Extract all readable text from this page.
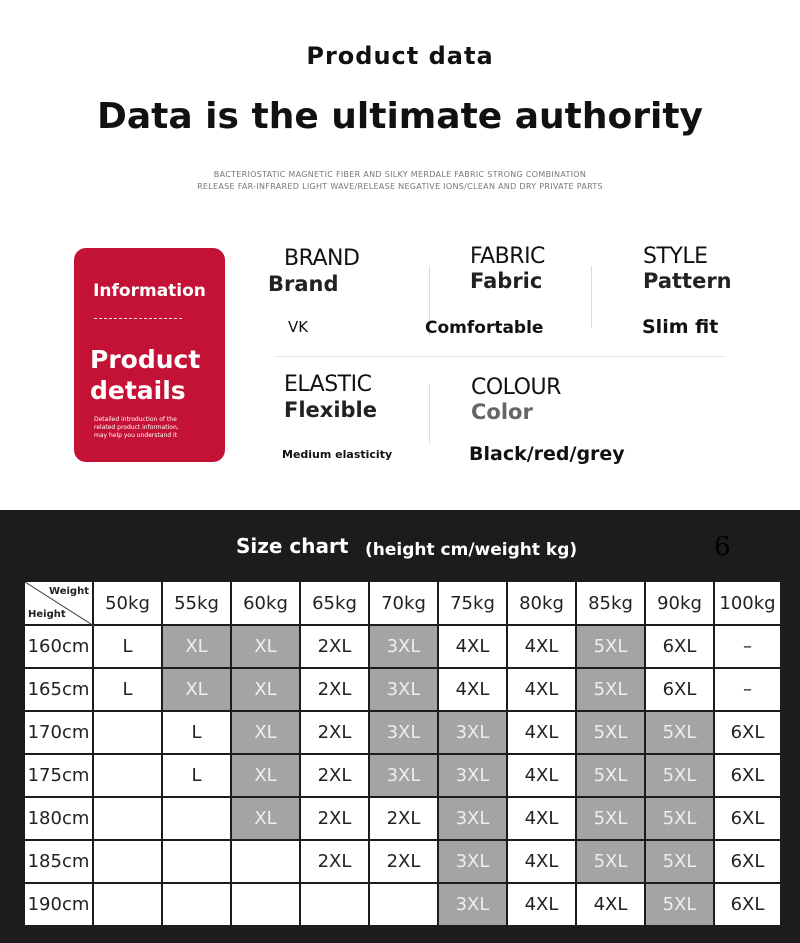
Product data
Data is the ultimate authority
BACTERIOSTATIC MAGNETIC FIBER AND SILKY MERDALE FABRIC STRONG COMBINATION
RELEASE FAR-INFRARED LIGHT WAVE/RELEASE NEGATIVE IONS/CLEAN AND DRY PRIVATE PARTS
Information
Product
details
Detailed introduction of the
related product information,
may help you understand it
BRAND
Brand
VK
FABRIC
Fabric
Comfortable
STYLE
Pattern
Slim fit
ELASTIC
Flexible
Medium elasticity
COLOUR
Color
Black/red/grey
Size chart (height cm/weight kg)	6
Weight
Height	50kg	55kg	60kg	65kg	70kg	75kg	80kg	85kg	90kg	100kg
160cm	L	XL	XL	2XL	3XL	4XL	4XL	5XL	6XL	–
165cm	L	XL	XL	2XL	3XL	4XL	4XL	5XL	6XL	–
170cm		L	XL	2XL	3XL	3XL	4XL	5XL	5XL	6XL
175cm		L	XL	2XL	3XL	3XL	4XL	5XL	5XL	6XL
180cm			XL	2XL	2XL	3XL	4XL	5XL	5XL	6XL
185cm				2XL	2XL	3XL	4XL	5XL	5XL	6XL
190cm						3XL	4XL	4XL	5XL	6XL
